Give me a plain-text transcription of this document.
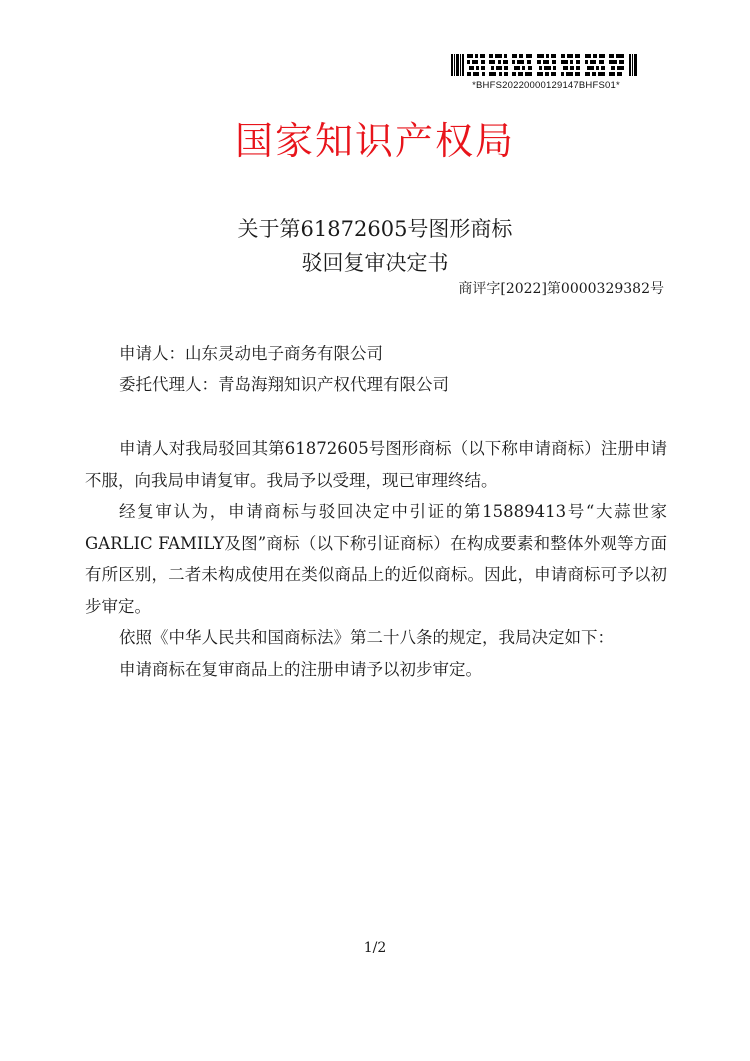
*BHFS20220000129147BHFS01*
国家知识产权局
关于第61872605号图形商标
驳回复审决定书
商评字[2022]第0000329382号
申请人：山东灵动电子商务有限公司
委托代理人：青岛海翔知识产权代理有限公司

申请人对我局驳回其第61872605号图形商标（以下称申请商标）注册申请不服，向我局申请复审。我局予以受理，现已审理终结。

经复审认为，申请商标与驳回决定中引证的第15889413号“大蒜世家GARLIC FAMILY及图”商标（以下称引证商标）在构成要素和整体外观等方面有所区别，二者未构成使用在类似商品上的近似商标。因此，申请商标可予以初步审定。

依照《中华人民共和国商标法》第二十八条的规定，我局决定如下：

申请商标在复审商品上的注册申请予以初步审定。

1/2
